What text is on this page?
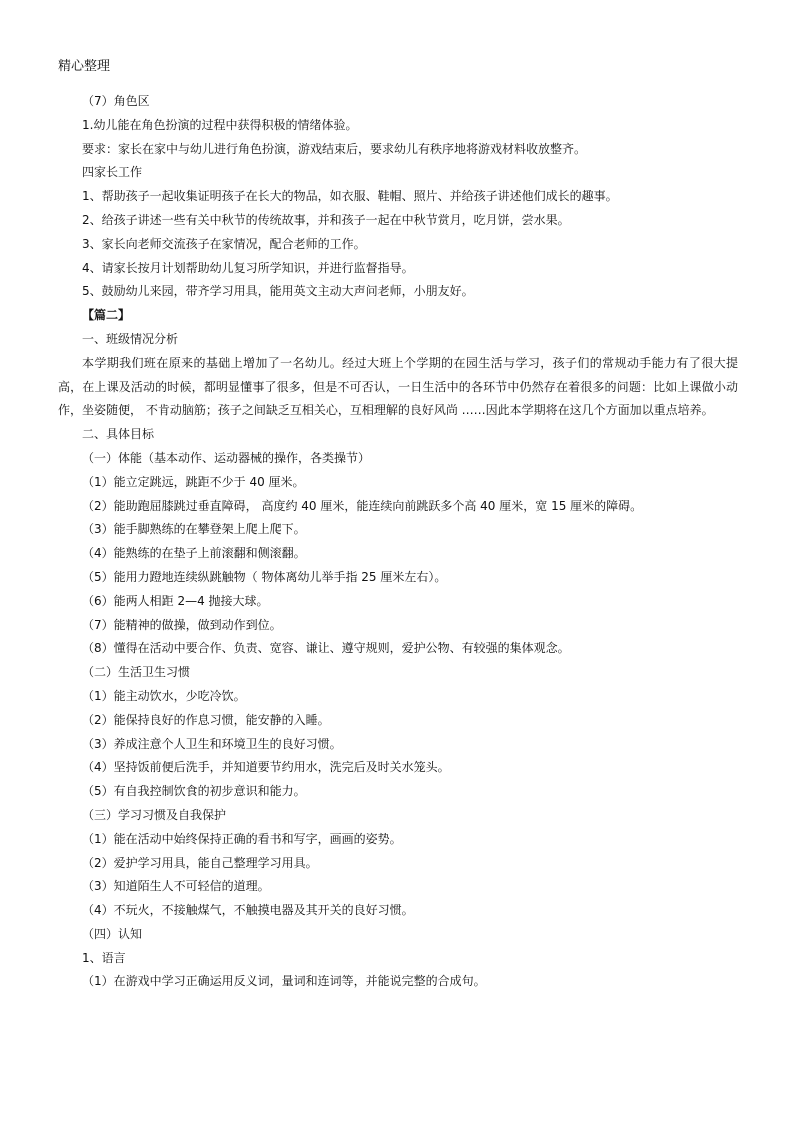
精心整理
（7）角色区
1.幼儿能在角色扮演的过程中获得积极的情绪体验。
要求：家长在家中与幼儿进行角色扮演，游戏结束后，要求幼儿有秩序地将游戏材料收放整齐。
四家长工作
1、帮助孩子一起收集证明孩子在长大的物品，如衣服、鞋帽、照片、并给孩子讲述他们成长的趣事。
2、给孩子讲述一些有关中秋节的传统故事，并和孩子一起在中秋节赏月，吃月饼，尝水果。
3、家长向老师交流孩子在家情况，配合老师的工作。
4、请家长按月计划帮助幼儿复习所学知识，并进行监督指导。
5、鼓励幼儿来园，带齐学习用具，能用英文主动大声问老师，小朋友好。
【篇二】
一、班级情况分析

本学期我们班在原来的基础上增加了一名幼儿。经过大班上个学期的在园生活与学习，孩子们的常规动手能力有了很大提高，在上课及活动的时候，都明显懂事了很多，但是不可否认，一日生活中的各环节中仍然存在着很多的问题：比如上课做小动作，坐姿随便， 不肯动脑筋；孩子之间缺乏互相关心，互相理解的良好风尚 ……因此本学期将在这几个方面加以重点培养。

二、具体目标
（一）体能（基本动作、运动器械的操作，各类操节）
（1）能立定跳远，跳距不少于 40 厘米。
（2）能助跑屈膝跳过垂直障碍， 高度约 40 厘米，能连续向前跳跃多个高 40 厘米，宽 15 厘米的障碍。
（3）能手脚熟练的在攀登架上爬上爬下。
（4）能熟练的在垫子上前滚翻和侧滚翻。
（5）能用力蹬地连续纵跳触物（ 物体离幼儿举手指 25 厘米左右）。
（6）能两人相距 2—4 抛接大球。
（7）能精神的做操，做到动作到位。
（8）懂得在活动中要合作、负责、宽容、谦让、遵守规则，爱护公物、有较强的集体观念。
（二）生活卫生习惯
（1）能主动饮水，少吃冷饮。
（2）能保持良好的作息习惯，能安静的入睡。
（3）养成注意个人卫生和环境卫生的良好习惯。
（4）坚持饭前便后洗手，并知道要节约用水，洗完后及时关水笼头。
（5）有自我控制饮食的初步意识和能力。
（三）学习习惯及自我保护
（1）能在活动中始终保持正确的看书和写字，画画的姿势。
（2）爱护学习用具，能自己整理学习用具。
（3）知道陌生人不可轻信的道理。
（4）不玩火，不接触煤气，不触摸电器及其开关的良好习惯。
（四）认知
1、语言
（1）在游戏中学习正确运用反义词，量词和连词等，并能说完整的合成句。
